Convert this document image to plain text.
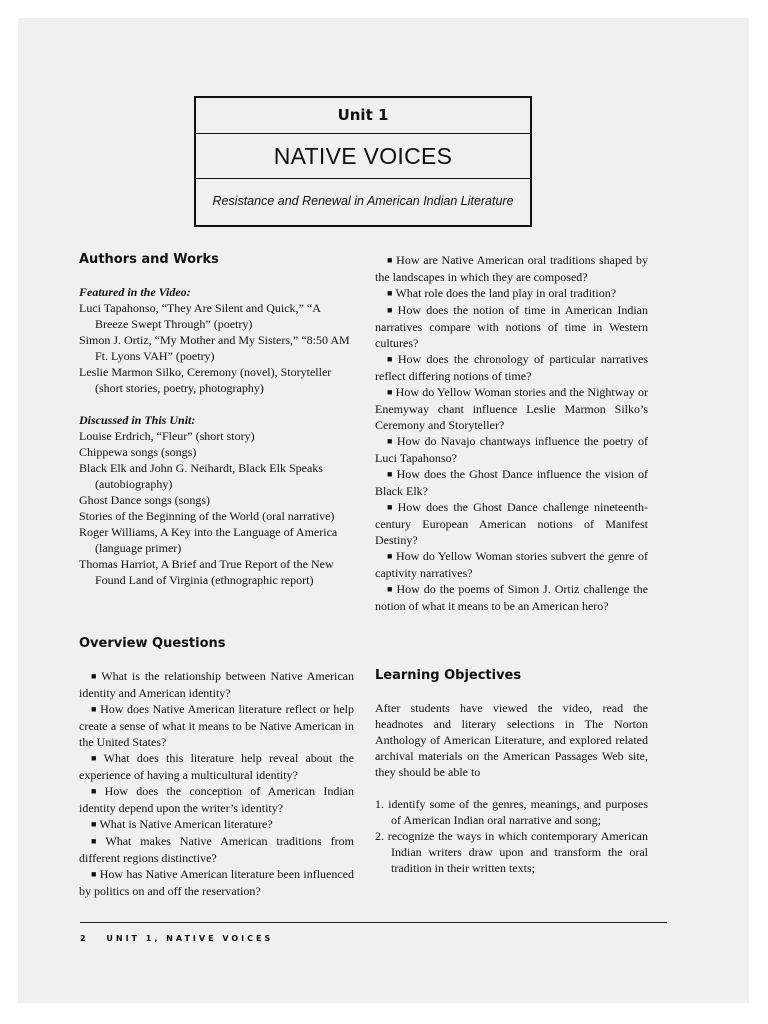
Unit 1
NATIVE VOICES
Resistance and Renewal in American Indian Literature
Authors and Works
Featured in the Video:
Luci Tapahonso, “They Are Silent and Quick,” “A Breeze Swept Through” (poetry)
Simon J. Ortiz, “My Mother and My Sisters,” “8:50 AM Ft. Lyons VAH” (poetry)
Leslie Marmon Silko, Ceremony (novel), Storyteller (short stories, poetry, photography)
Discussed in This Unit:
Louise Erdrich, “Fleur” (short story)
Chippewa songs (songs)
Black Elk and John G. Neihardt, Black Elk Speaks (autobiography)
Ghost Dance songs (songs)
Stories of the Beginning of the World (oral narrative)
Roger Williams, A Key into the Language of America (language primer)
Thomas Harriot, A Brief and True Report of the New Found Land of Virginia (ethnographic report)
Overview Questions
■ What is the relationship between Native American identity and American identity?
■ How does Native American literature reflect or help create a sense of what it means to be Native American in the United States?
■ What does this literature help reveal about the experience of having a multicultural identity?
■ How does the conception of American Indian identity depend upon the writer’s identity?
■ What is Native American literature?
■ What makes Native American traditions from different regions distinctive?
■ How has Native American literature been influenced by politics on and off the reservation?
■ How are Native American oral traditions shaped by the landscapes in which they are composed?
■ What role does the land play in oral tradition?
■ How does the notion of time in American Indian narratives compare with notions of time in Western cultures?
■ How does the chronology of particular narratives reflect differing notions of time?
■ How do Yellow Woman stories and the Nightway or Enemyway chant influence Leslie Marmon Silko’s Ceremony and Storyteller?
■ How do Navajo chantways influence the poetry of Luci Tapahonso?
■ How does the Ghost Dance influence the vision of Black Elk?
■ How does the Ghost Dance challenge nineteenth-century European American notions of Manifest Destiny?
■ How do Yellow Woman stories subvert the genre of captivity narratives?
■ How do the poems of Simon J. Ortiz challenge the notion of what it means to be an American hero?
Learning Objectives
After students have viewed the video, read the headnotes and literary selections in The Norton Anthology of American Literature, and explored related archival materials on the American Passages Web site, they should be able to
1. identify some of the genres, meanings, and purposes of American Indian oral narrative and song;
2. recognize the ways in which contemporary American Indian writers draw upon and transform the oral tradition in their written texts;
2 UNIT 1, NATIVE VOICES
